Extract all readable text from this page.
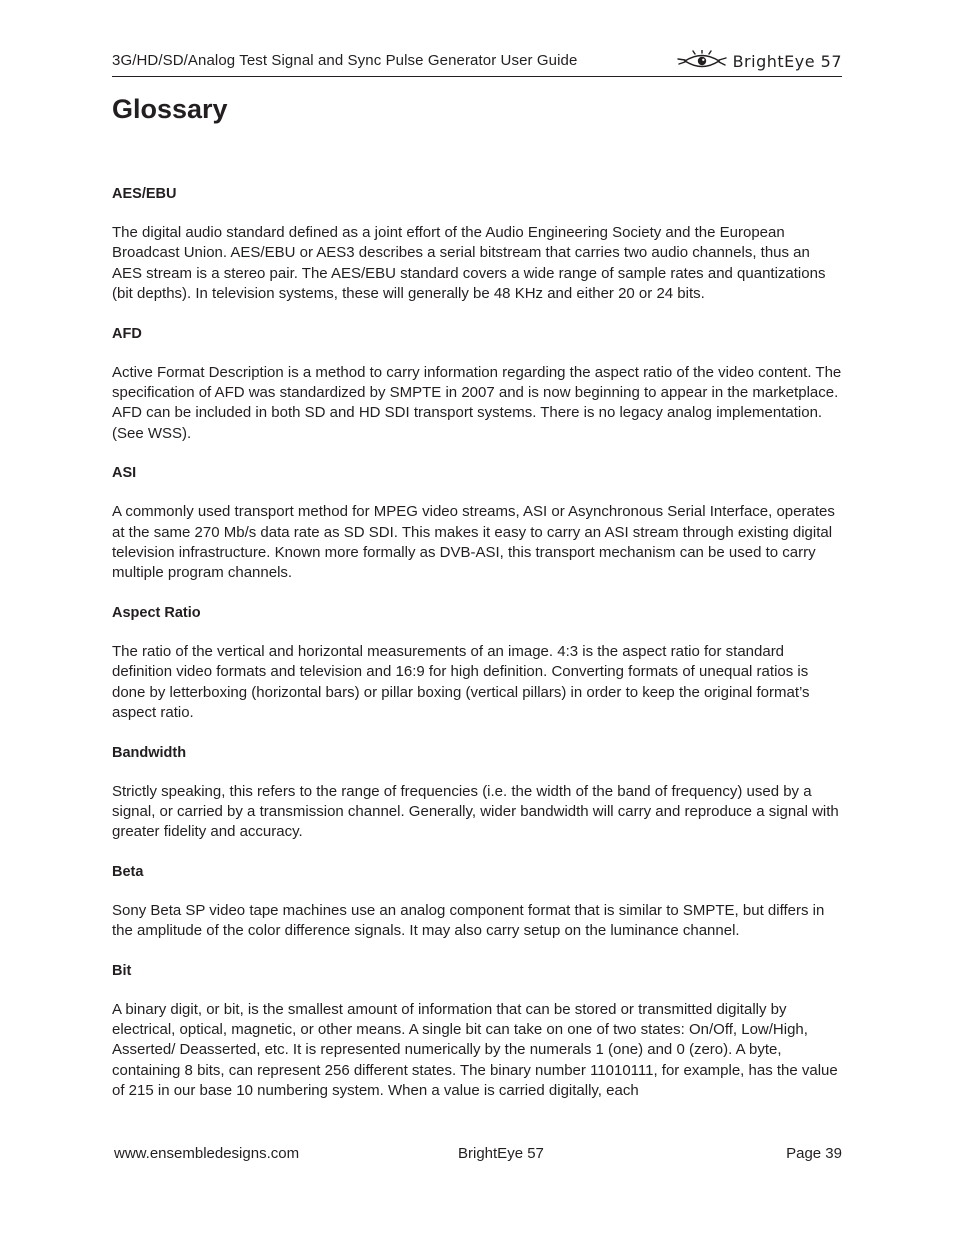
3G/HD/SD/Analog Test Signal and Sync Pulse Generator User Guide	BrightEye 57
Glossary

AES/EBU

The digital audio standard defined as a joint effort of the Audio Engineering Society and the European Broadcast Union. AES/EBU or AES3 describes a serial bitstream that carries two audio channels, thus an AES stream is a stereo pair. The AES/EBU standard covers a wide range of sample rates and quantizations (bit depths). In television systems, these will generally be 48 KHz and either 20 or 24 bits.

AFD

Active Format Description is a method to carry information regarding the aspect ratio of the video content. The specification of AFD was standardized by SMPTE in 2007 and is now beginning to appear in the marketplace. AFD can be included in both SD and HD SDI transport systems. There is no legacy analog implementation. (See WSS).

ASI

A commonly used transport method for MPEG video streams, ASI or Asynchronous Serial Interface, operates at the same 270 Mb/s data rate as SD SDI. This makes it easy to carry an ASI stream through existing digital television infrastructure. Known more formally as DVB-ASI, this transport mechanism can be used to carry multiple program channels.

Aspect Ratio

The ratio of the vertical and horizontal measurements of an image. 4:3 is the aspect ratio for standard definition video formats and television and 16:9 for high definition. Converting formats of unequal ratios is done by letterboxing (horizontal bars) or pillar boxing (vertical pillars) in order to keep the original format’s aspect ratio.

Bandwidth

Strictly speaking, this refers to the range of frequencies (i.e. the width of the band of frequency) used by a signal, or carried by a transmission channel. Generally, wider bandwidth will carry and reproduce a signal with greater fidelity and accuracy.

Beta

Sony Beta SP video tape machines use an analog component format that is similar to SMPTE, but differs in the amplitude of the color difference signals. It may also carry setup on the luminance channel.

Bit

A binary digit, or bit, is the smallest amount of information that can be stored or transmitted digitally by electrical, optical, magnetic, or other means. A single bit can take on one of two states: On/Off, Low/High, Asserted/ Deasserted, etc. It is represented numerically by the numerals 1 (one) and 0 (zero). A byte, containing 8 bits, can represent 256 different states. The binary number 11010111, for example, has the value of 215 in our base 10 numbering system. When a value is carried digitally, each

www.ensembledesigns.com	BrightEye 57	Page 39
